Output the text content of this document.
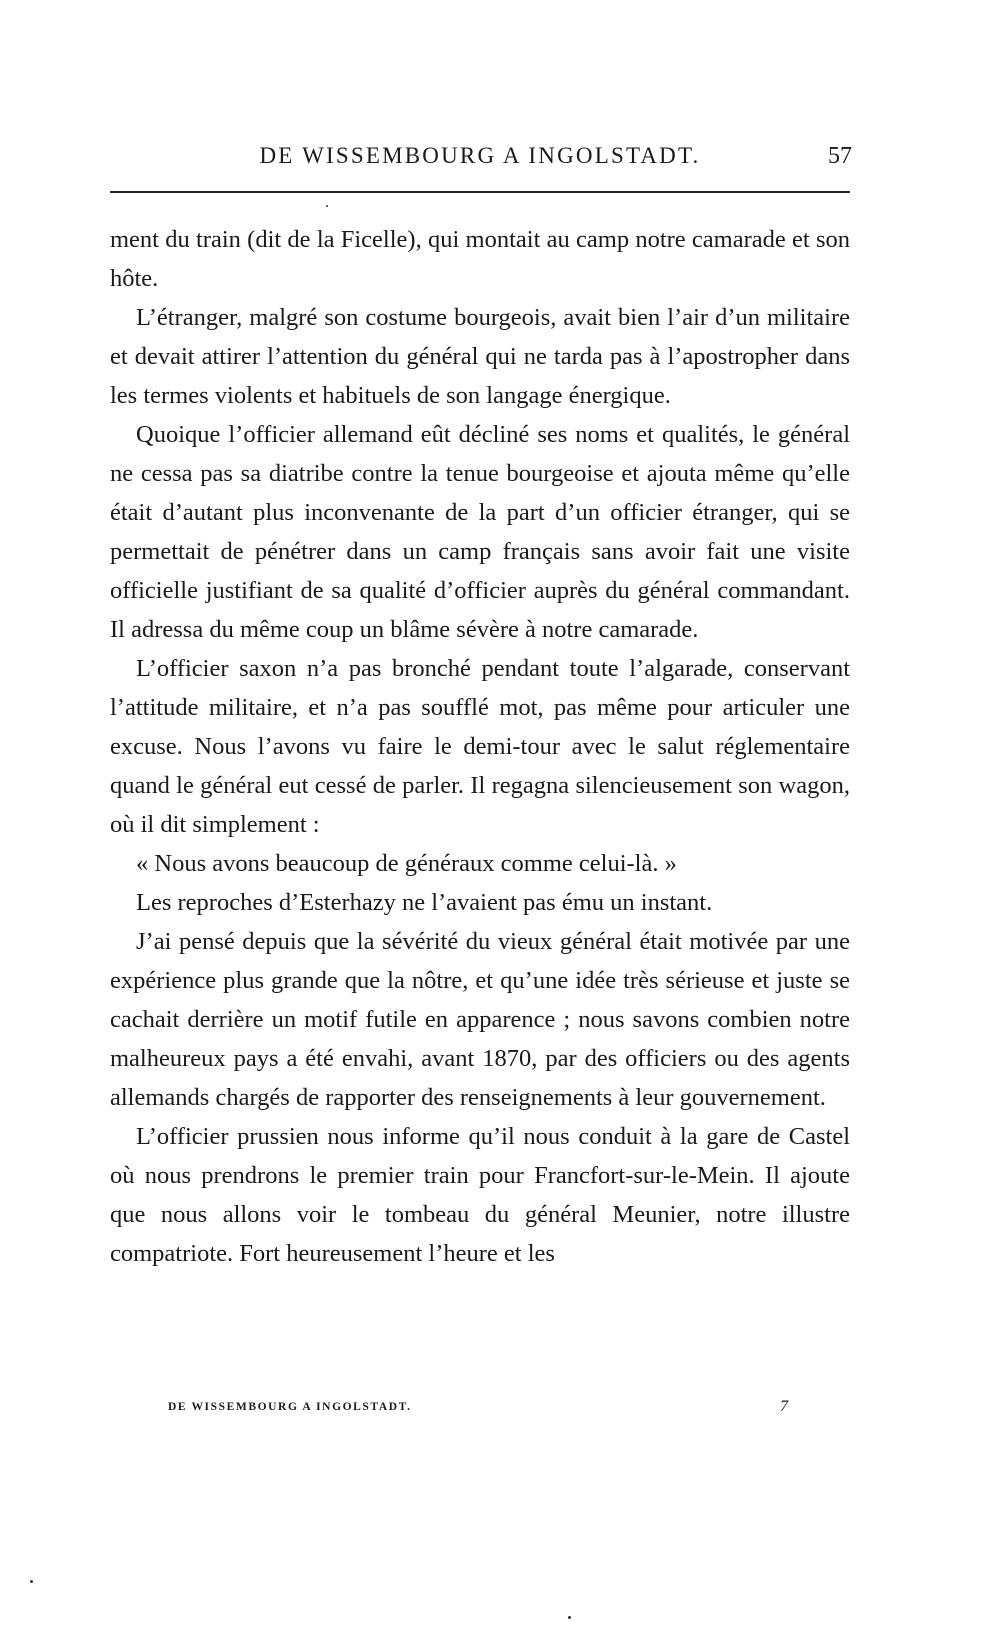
DE WISSEMBOURG A INGOLSTADT.	57

ment du train (dit de la Ficelle), qui montait au camp notre camarade et son hôte.

L’étranger, malgré son costume bourgeois, avait bien l’air d’un militaire et devait attirer l’attention du général qui ne tarda pas à l’apostropher dans les termes violents et habituels de son langage énergique.

Quoique l’officier allemand eût décliné ses noms et qualités, le général ne cessa pas sa diatribe contre la tenue bourgeoise et ajouta même qu’elle était d’autant plus inconvenante de la part d’un officier étranger, qui se permettait de pénétrer dans un camp français sans avoir fait une visite officielle justifiant de sa qualité d’officier auprès du général commandant. Il adressa du même coup un blâme sévère à notre camarade.

L’officier saxon n’a pas bronché pendant toute l’algarade, conservant l’attitude militaire, et n’a pas soufflé mot, pas même pour articuler une excuse. Nous l’avons vu faire le demi-tour avec le salut réglementaire quand le général eut cessé de parler. Il regagna silencieusement son wagon, où il dit simplement :

« Nous avons beaucoup de généraux comme celui-là. »

Les reproches d’Esterhazy ne l’avaient pas ému un instant.

J’ai pensé depuis que la sévérité du vieux général était motivée par une expérience plus grande que la nôtre, et qu’une idée très sérieuse et juste se cachait derrière un motif futile en apparence ; nous savons combien notre malheureux pays a été envahi, avant 1870, par des officiers ou des agents allemands chargés de rapporter des renseignements à leur gouvernement.

L’officier prussien nous informe qu’il nous conduit à la gare de Castel où nous prendrons le premier train pour Francfort-sur-le-Mein. Il ajoute que nous allons voir le tombeau du général Meunier, notre illustre compatriote. Fort heureusement l’heure et les

DE WISSEMBOURG A INGOLSTADT.	7
